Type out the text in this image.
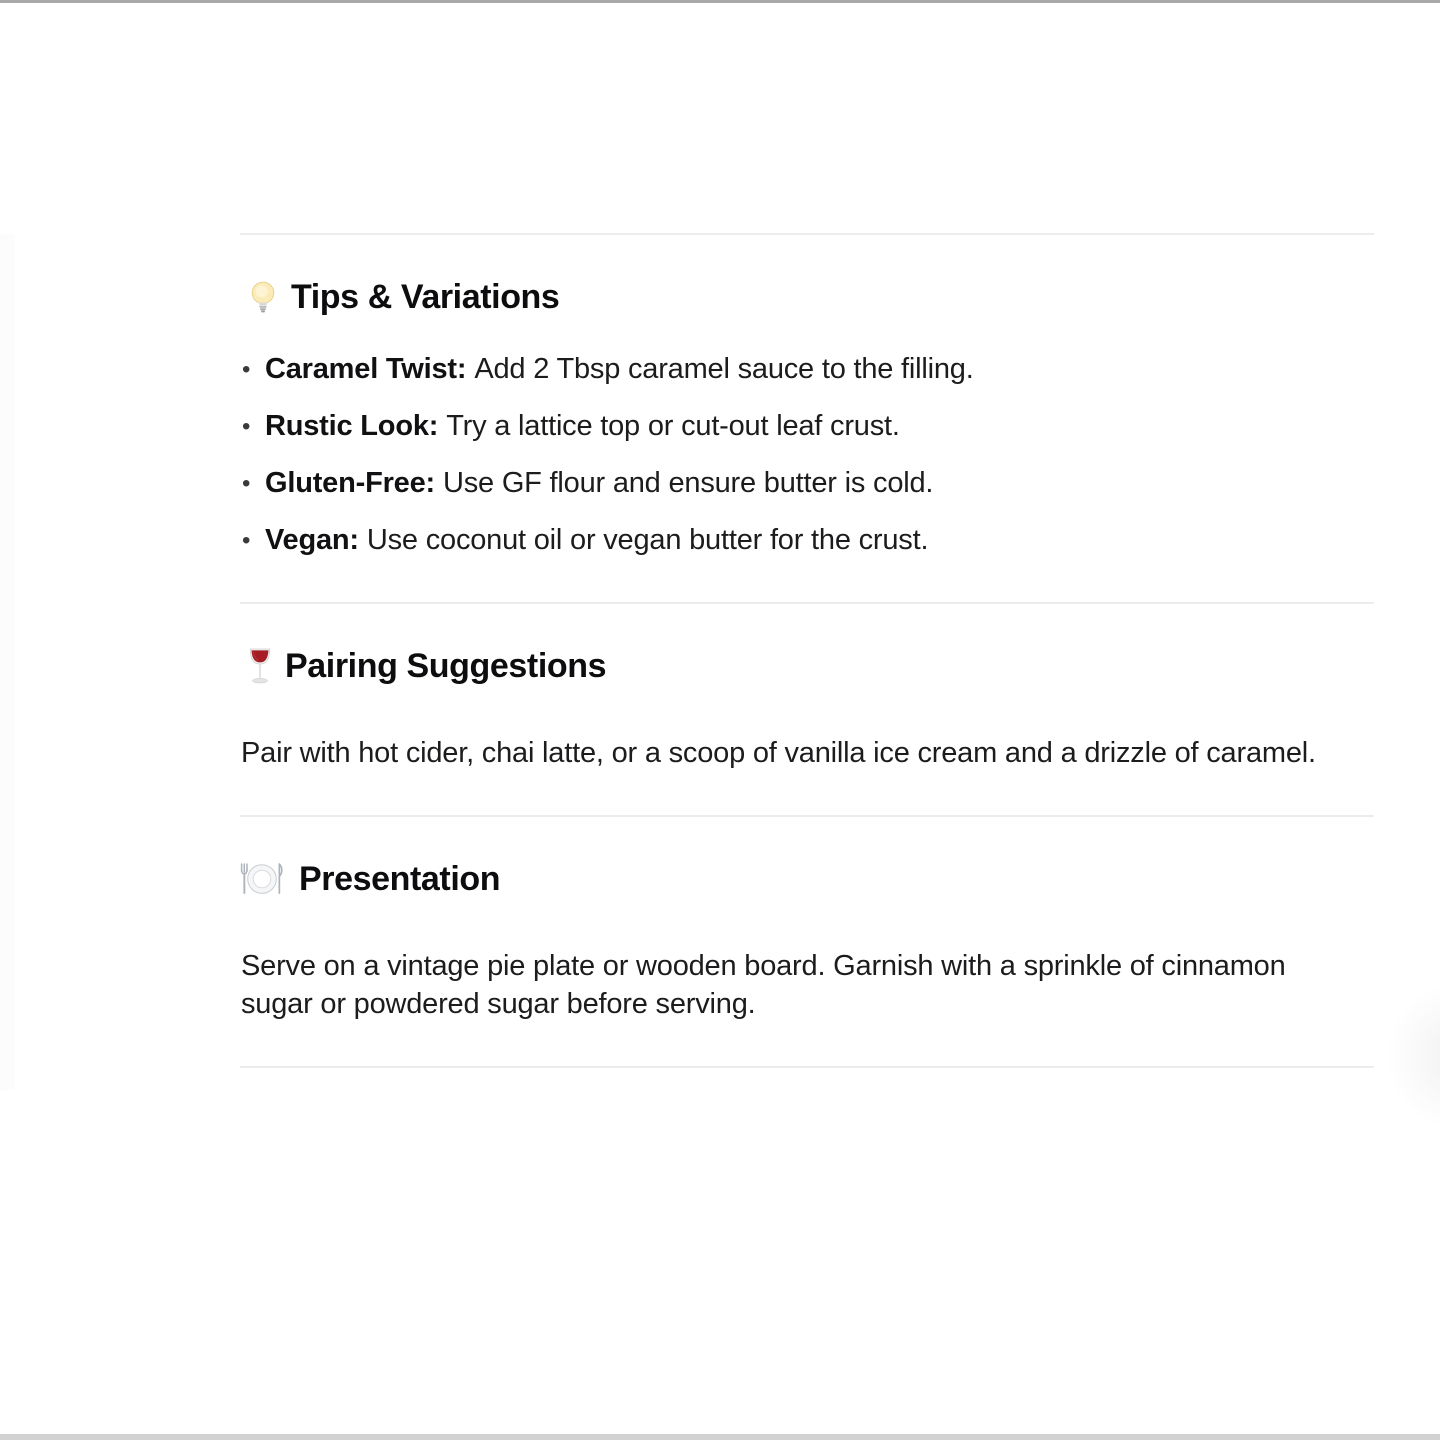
Tips & Variations
• Caramel Twist: Add 2 Tbsp caramel sauce to the filling.
• Rustic Look: Try a lattice top or cut-out leaf crust.
• Gluten-Free: Use GF flour and ensure butter is cold.
• Vegan: Use coconut oil or vegan butter for the crust.
Pairing Suggestions

Pair with hot cider, chai latte, or a scoop of vanilla ice cream and a drizzle of caramel.

Presentation

Serve on a vintage pie plate or wooden board. Garnish with a sprinkle of cinnamon sugar or powdered sugar before serving.
